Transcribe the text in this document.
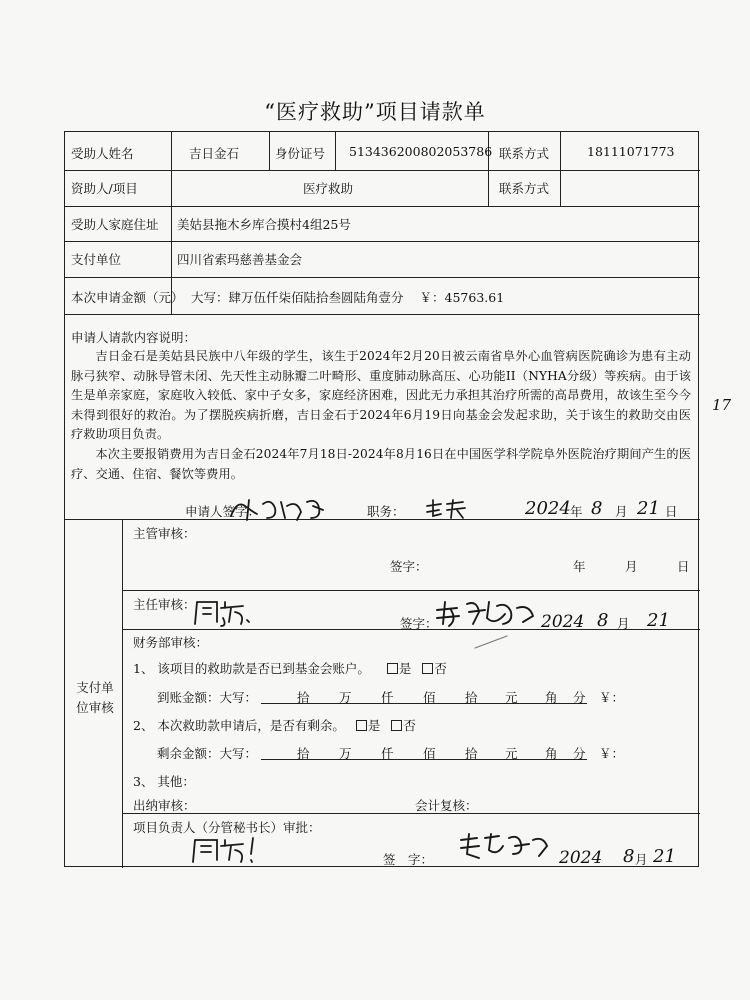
“医疗救助”项目请款单
受助人姓名	吉日金石	身份证号 513436200802053786 联系方式	18111071773
资助人/项目	医疗救助	联系方式
受助人家庭住址 美姑县拖木乡库合摸村4组25号
支付单位	四川省索玛慈善基金会
本次申请金额（元） 大写：肆万伍仟柒佰陆拾叁圆陆角壹分 ￥：45763.61
申请人请款内容说明：
吉日金石是美姑县民族中八年级的学生，该生于2024年2月20日被云南省阜外心血管病医院确诊为患有主动脉弓狭窄、动脉导管未闭、先天性主动脉瓣二叶畸形、重度肺动脉高压、心功能II（NYHA分级）等疾病。由于该生是单亲家庭，家庭收入较低、家中子女多，家庭经济困难，因此无力承担其治疗所需的高昂费用，故该生至今今未得到很好的救治。为了摆脱疾病折磨，吉日金石于2024年6月19日向基金会发起求助，关于该生的救助交由医疗救助项目负责。
本次主要报销费用为吉日金石2024年7月18日-2024年8月16日在中国医学科学院阜外医院治疗期间产生的医疗、交通、住宿、餐饮等费用。
申请人签字：	职务：	年	月	日
支付单
位审核
主管审核：
签字：	年	月	日
主任审核：
签字：
财务部审核：
1、 该项目的救助款是否已到基金会账户。 是 否
到账金额：大写：	拾 万 仟 佰 拾 元 角 分 ￥：
2、 本次救助款申请后，是否有剩余。 是 否
剩余金额：大写：	拾 万 仟 佰 拾 元 角 分 ￥：
3、 其他：
出纳审核：	会计复核：
项目负责人（分管秘书长）审批：
签　字：
2024 8 21
2024 8 月 21
2024 8 月 21
17
